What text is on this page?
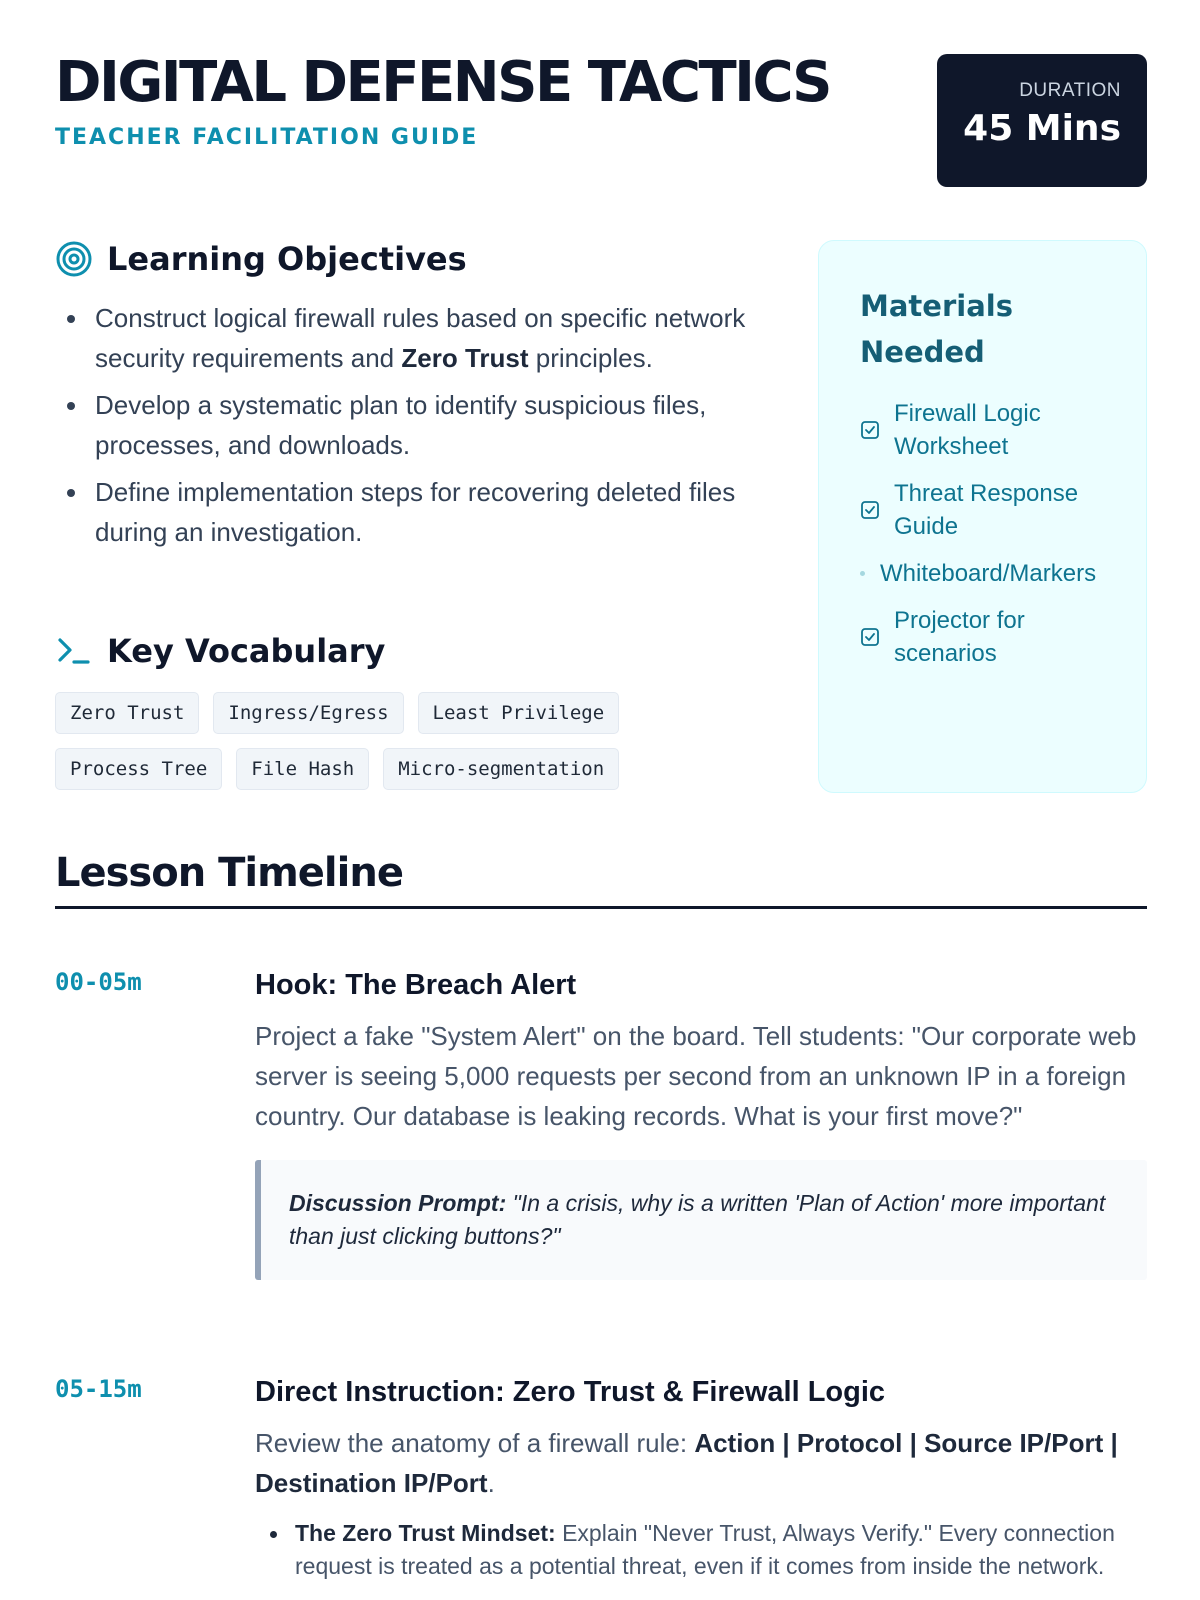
DIGITAL DEFENSE TACTICS
TEACHER FACILITATION GUIDE
DURATION
45 Mins
Learning Objectives
Construct logical firewall rules based on specific network security requirements and Zero Trust principles.
Develop a systematic plan to identify suspicious files, processes, and downloads.
Define implementation steps for recovering deleted files during an investigation.
Key Vocabulary
Zero Trust	Ingress/Egress	Least Privilege
Process Tree	File Hash	Micro-segmentation
Materials Needed
Firewall Logic Worksheet
Threat Response Guide
Whiteboard/Markers
Projector for scenarios
Lesson Timeline
00-05m	Hook: The Breach Alert

Project a fake "System Alert" on the board. Tell students: "Our corporate web server is seeing 5,000 requests per second from an unknown IP in a foreign country. Our database is leaking records. What is your first move?"

Discussion Prompt: "In a crisis, why is a written 'Plan of Action' more important than just clicking buttons?"
05-15m	Direct Instruction: Zero Trust & Firewall Logic

Review the anatomy of a firewall rule: Action | Protocol | Source IP/Port | Destination IP/Port.

The Zero Trust Mindset: Explain "Never Trust, Always Verify." Every connection request is treated as a potential threat, even if it comes from inside the network.
